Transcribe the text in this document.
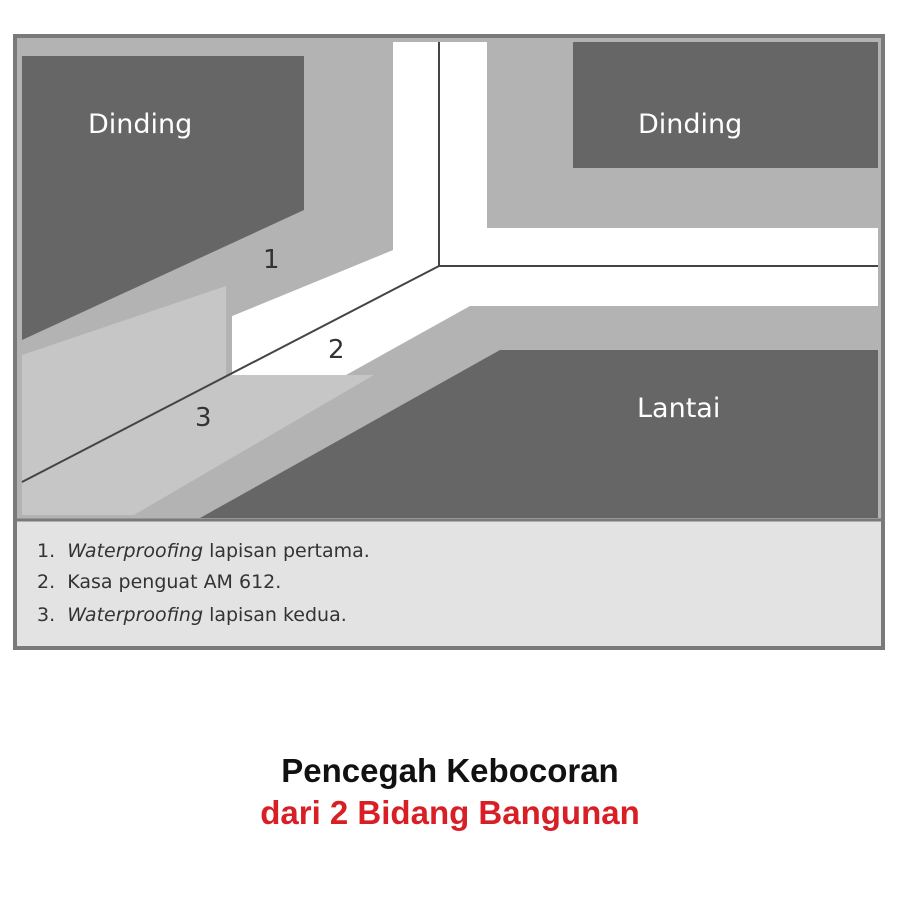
Dinding	Dinding
Lantai
1
2
3
1. Waterproofing lapisan pertama.
2. Kasa penguat AM 612.
3. Waterproofing lapisan kedua.
Pencegah Kebocoran
dari 2 Bidang Bangunan
